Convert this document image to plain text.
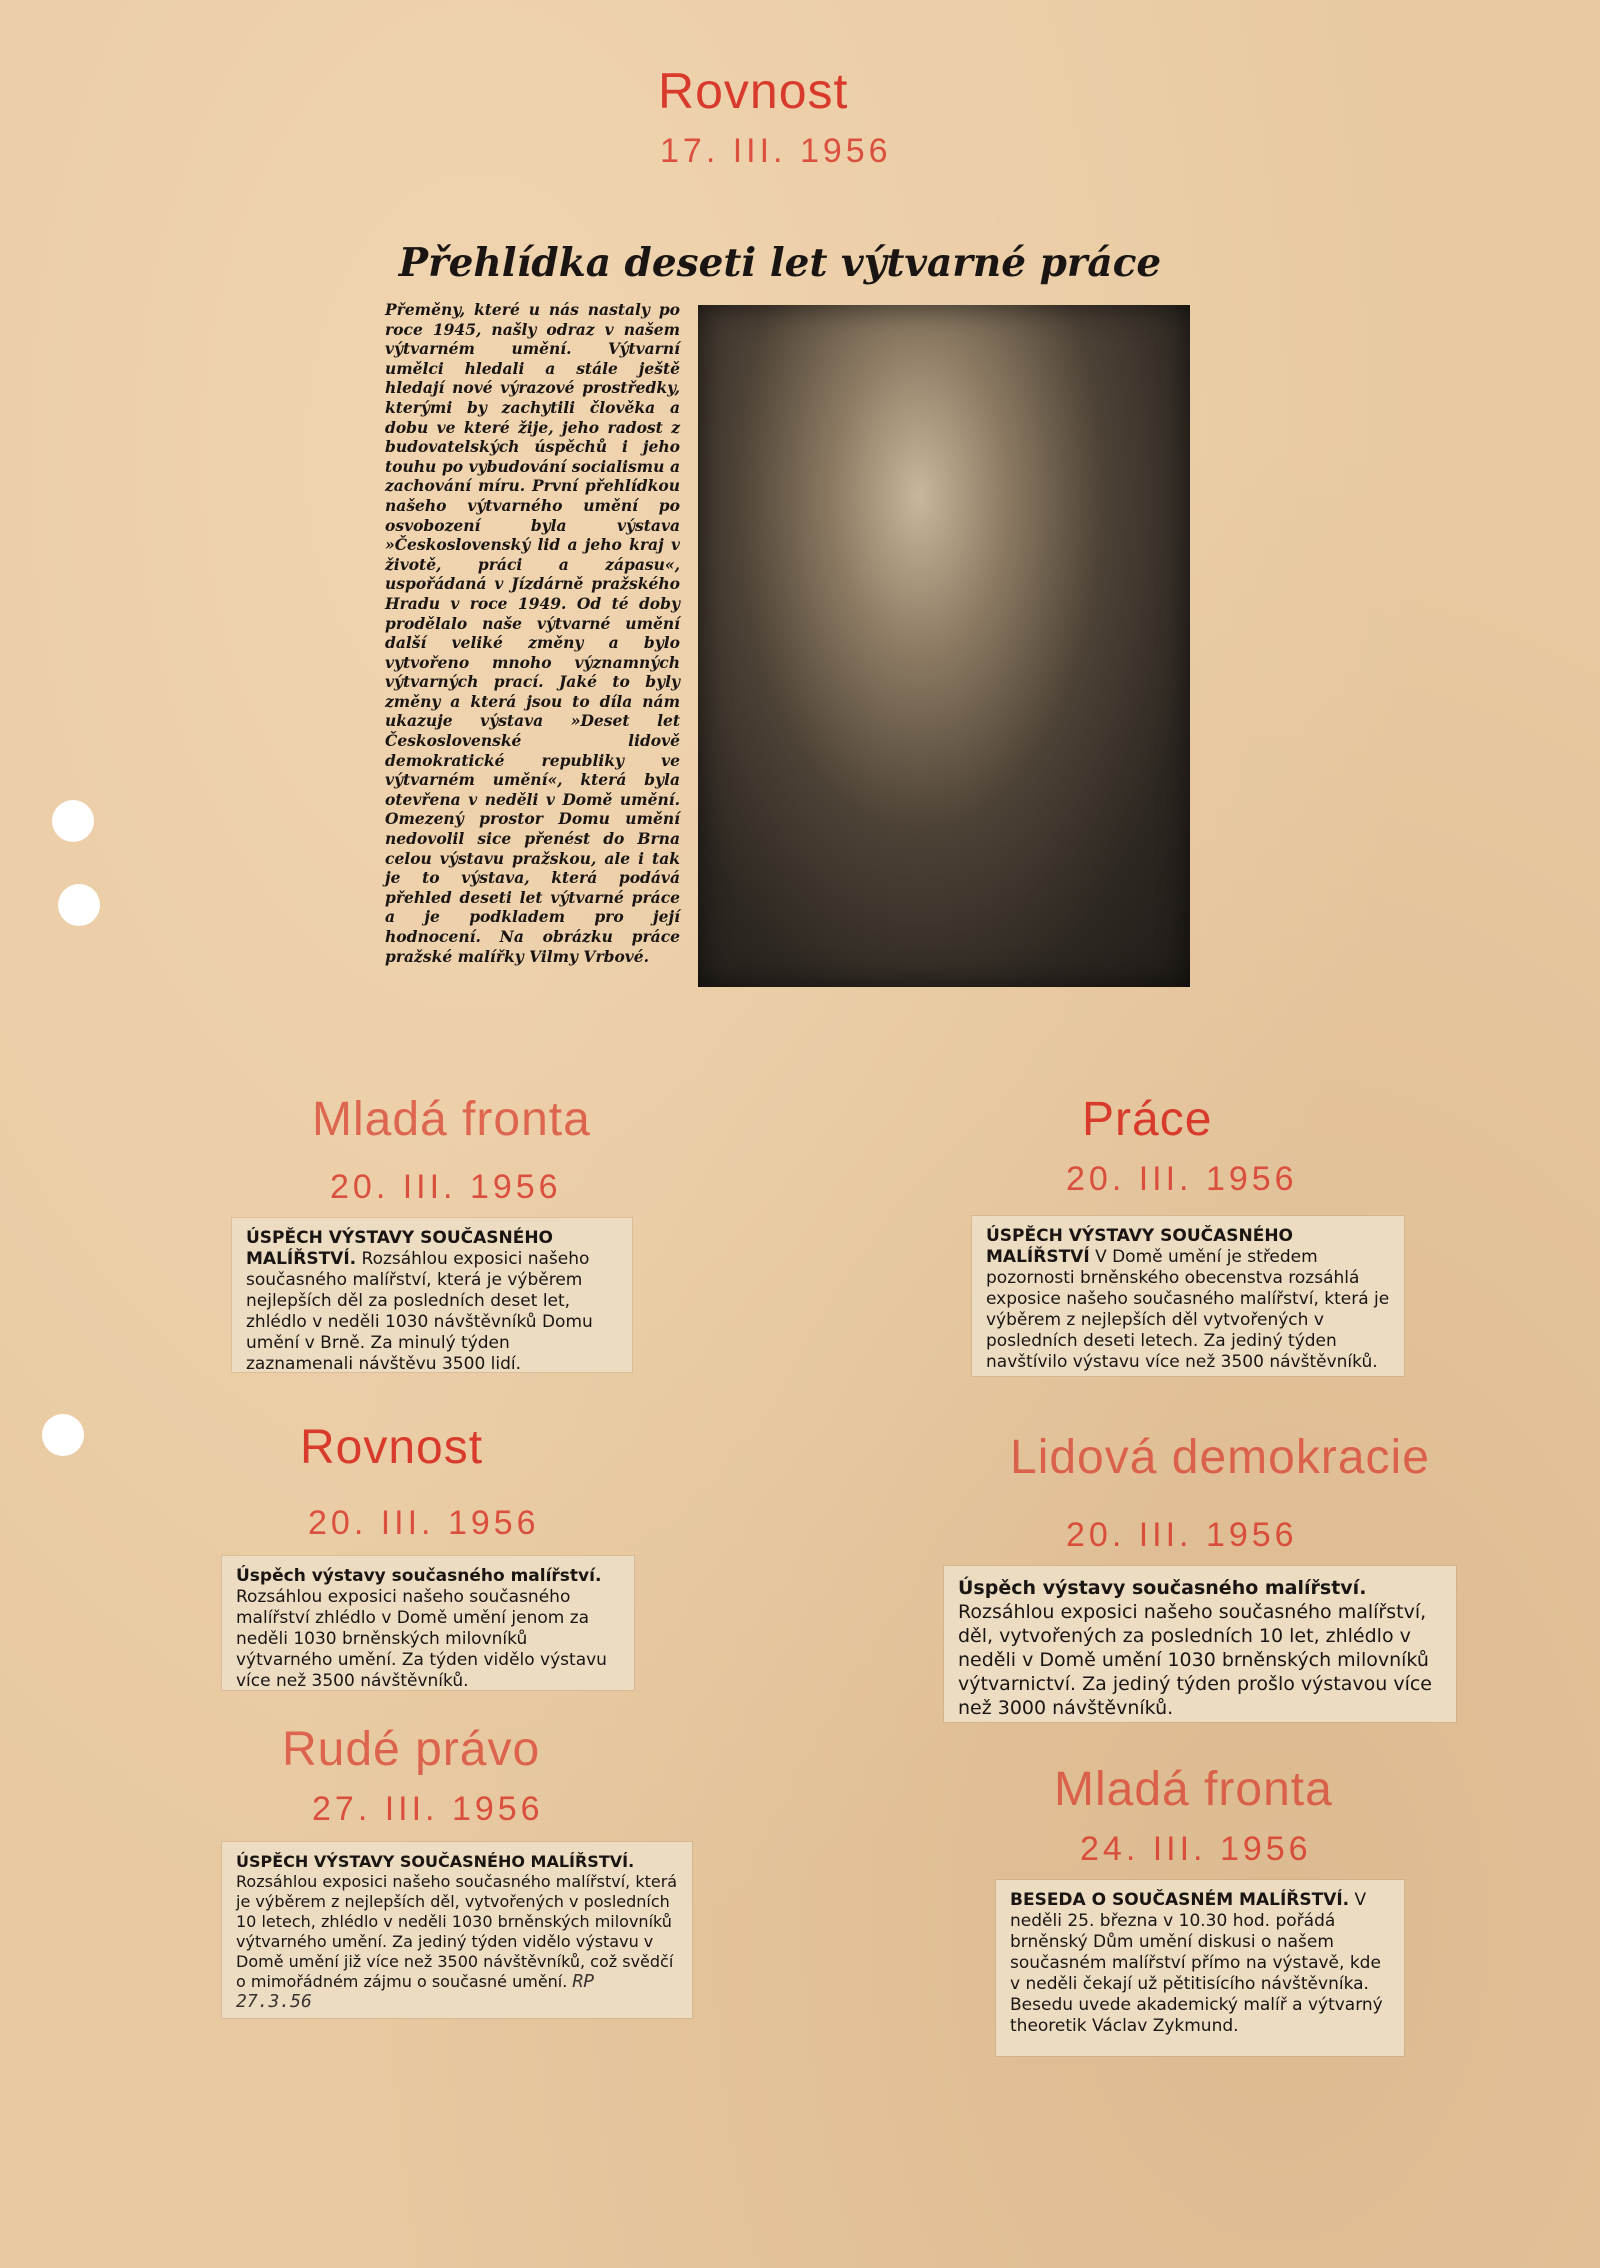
Rovnost
17. III. 1956
Přehlídka deseti let výtvarné práce
Přeměny, které u nás nastaly po roce 1945, našly odraz v našem výtvarném umění. Výtvarní umělci hledali a stále ještě hledají nové výrazové prostředky, kterými by zachytili člověka a dobu ve které žije, jeho radost z budovatelských úspěchů i jeho touhu po vybudování socialismu a zachování míru. První přehlídkou našeho výtvarného umění po osvobození byla výstava »Československý lid a jeho kraj v životě, práci a zápasu«, uspořádaná v Jízdárně pražského Hradu v roce 1949. Od té doby prodělalo naše výtvarné umění další veliké změny a bylo vytvořeno mnoho významných výtvarných prací. Jaké to byly změny a která jsou to díla nám ukazuje výstava »Deset let Československé lidově demokratické republiky ve výtvarném umění«, která byla otevřena v neděli v Domě umění. Omezený prostor Domu umění nedovolil sice přenést do Brna celou výstavu pražskou, ale i tak je to výstava, která podává přehled deseti let výtvarné práce a je podkladem pro její hodnocení. Na obrázku práce pražské malířky Vilmy Vrbové.
Mladá fronta
20. III. 1956

ÚSPĚCH VÝSTAVY SOUČASNÉHO MALÍŘSTVÍ. Rozsáhlou exposici našeho současného malířství, která je výběrem nejlepších děl za posledních deset let, zhlédlo v neděli 1030 návštěvníků Domu umění v Brně. Za minulý týden zaznamenali návštěvu 3500 lidí.

Práce
20. III. 1956

ÚSPĚCH VÝSTAVY SOUČASNÉHO MALÍŘSTVÍ V Domě umění je středem pozornosti brněnského obecenstva rozsáhlá exposice našeho současného malířství, která je výběrem z nejlepších děl vytvořených v posledních deseti letech. Za jediný týden navštívilo výstavu více než 3500 návštěvníků.

Rovnost
20. III. 1956

Úspěch výstavy současného malířství. Rozsáhlou exposici našeho současného malířství zhlédlo v Domě umění jenom za neděli 1030 brněnských milovníků výtvarného umění. Za týden vidělo výstavu více než 3500 návštěvníků.

Lidová demokracie
20. III. 1956

Úspěch výstavy současného malířství. Rozsáhlou exposici našeho současného malířství, děl, vytvořených za posledních 10 let, zhlédlo v neděli v Domě umění 1030 brněnských milovníků výtvarnictví. Za jediný týden prošlo výstavou více než 3000 návštěvníků.

Rudé právo
27. III. 1956

ÚSPĚCH VÝSTAVY SOUČASNÉHO MALÍŘSTVÍ. Rozsáhlou exposici našeho současného malířství, která je výběrem z nejlepších děl, vytvořených v posledních 10 letech, zhlédlo v neděli 1030 brněnských milovníků výtvarného umění. Za jediný týden vidělo výstavu v Domě umění již více než 3500 návštěvníků, což svědčí o mimořádném zájmu o současné umění. RP 27.3.56

Mladá fronta
24. III. 1956

BESEDA O SOUČASNÉM MALÍŘSTVÍ. V neděli 25. března v 10.30 hod. pořádá brněnský Dům umění diskusi o našem současném malířství přímo na výstavě, kde v neděli čekají už pětitisícího návštěvníka. Besedu uvede akademický malíř a výtvarný theoretik Václav Zykmund.
